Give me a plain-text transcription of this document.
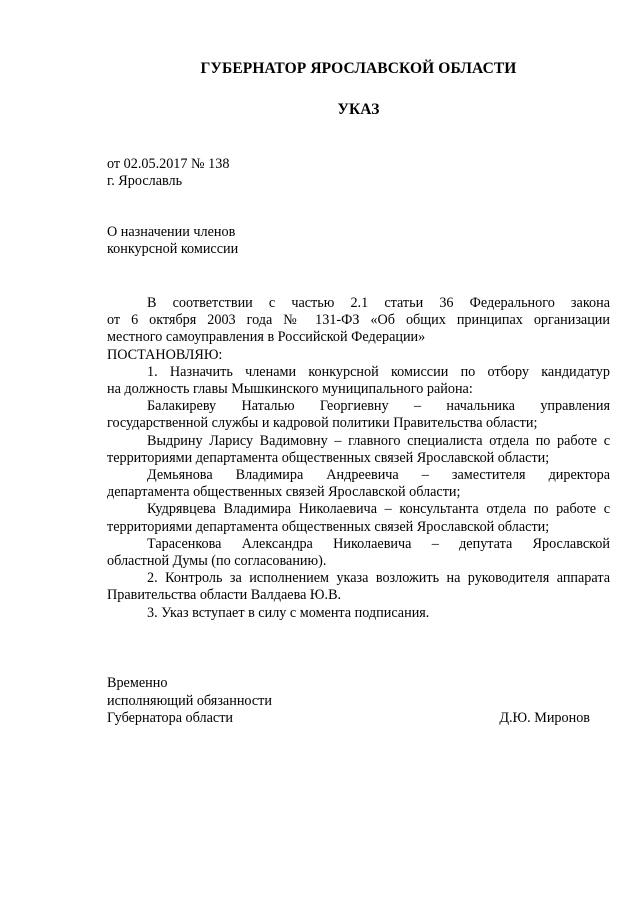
ГУБЕРНАТОР ЯРОСЛАВСКОЙ ОБЛАСТИ
УКАЗ
от 02.05.2017 № 138
г. Ярославль
О назначении членов
конкурсной комиссии
В соответствии с частью 2.1 статьи 36 Федерального закона
от 6 октября 2003 года № 131-ФЗ «Об общих принципах организации
местного самоуправления в Российской Федерации»
ПОСТАНОВЛЯЮ:
1. Назначить членами конкурсной комиссии по отбору кандидатур
на должность главы Мышкинского муниципального района:
Балакиреву Наталью Георгиевну – начальника управления
государственной службы и кадровой политики Правительства области;
Выдрину Ларису Вадимовну – главного специалиста отдела по работе с
территориями департамента общественных связей Ярославской области;
Демьянова Владимира Андреевича – заместителя директора
департамента общественных связей Ярославской области;
Кудрявцева Владимира Николаевича – консультанта отдела по работе с
территориями департамента общественных связей Ярославской области;
Тарасенкова Александра Николаевича – депутата Ярославской
областной Думы (по согласованию).
2. Контроль за исполнением указа возложить на руководителя аппарата
Правительства области Валдаева Ю.В.
3. Указ вступает в силу с момента подписания.
Временно
исполняющий обязанности
Губернатора области	Д.Ю. Миронов
